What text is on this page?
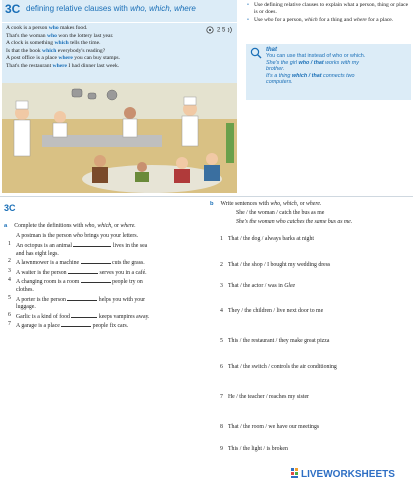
3C defining relative clauses with who, which, where
2 5
A cook is a person who makes food.
That's the woman who won the lottery last year.
A clock is something which tells the time.
Is that the book which everybody's reading?
A post office is a place where you can buy stamps.
That's the restaurant where I had dinner last week.
• Use defining relative clauses to explain what a person, thing or place is or does.
• Use who for a person, which for a thing and where for a place.
that
You can use that instead of who or which.
She's the girl who / that works with my
brother.
It's a thing which / that connects two
computers.
3C
a Complete the definitions with who, which, or where.
A postman is the person who brings you your letters.
1 An octopus is an animal	lives in the sea
and has eight legs.
2 A lawnmower is a machine	cuts the grass.
3 A waiter is the person	serves you in a café.
4 A changing room is a room	people try on
clothes.
5 A porter is the person	helps you with your
luggage.
6 Garlic is a kind of food	keeps vampires away.
7 A garage is a place	people fix cars.
b Write sentences with who, which, or where.
She / the woman / catch the bus as me
She's the woman who catches the same bus as me.
1 That / the dog / always barks at night
2 That / the shop / I bought my wedding dress
3 That / the actor / was in Glee
4 They / the children / live next door to me
5 This / the restaurant / they make great pizza
6 That / the switch / controls the air conditioning
7 He / the teacher / reaches my sister
8 That / the room / we have our meetings
9 This / the light / is broken
LIVEWORKSHEETS
